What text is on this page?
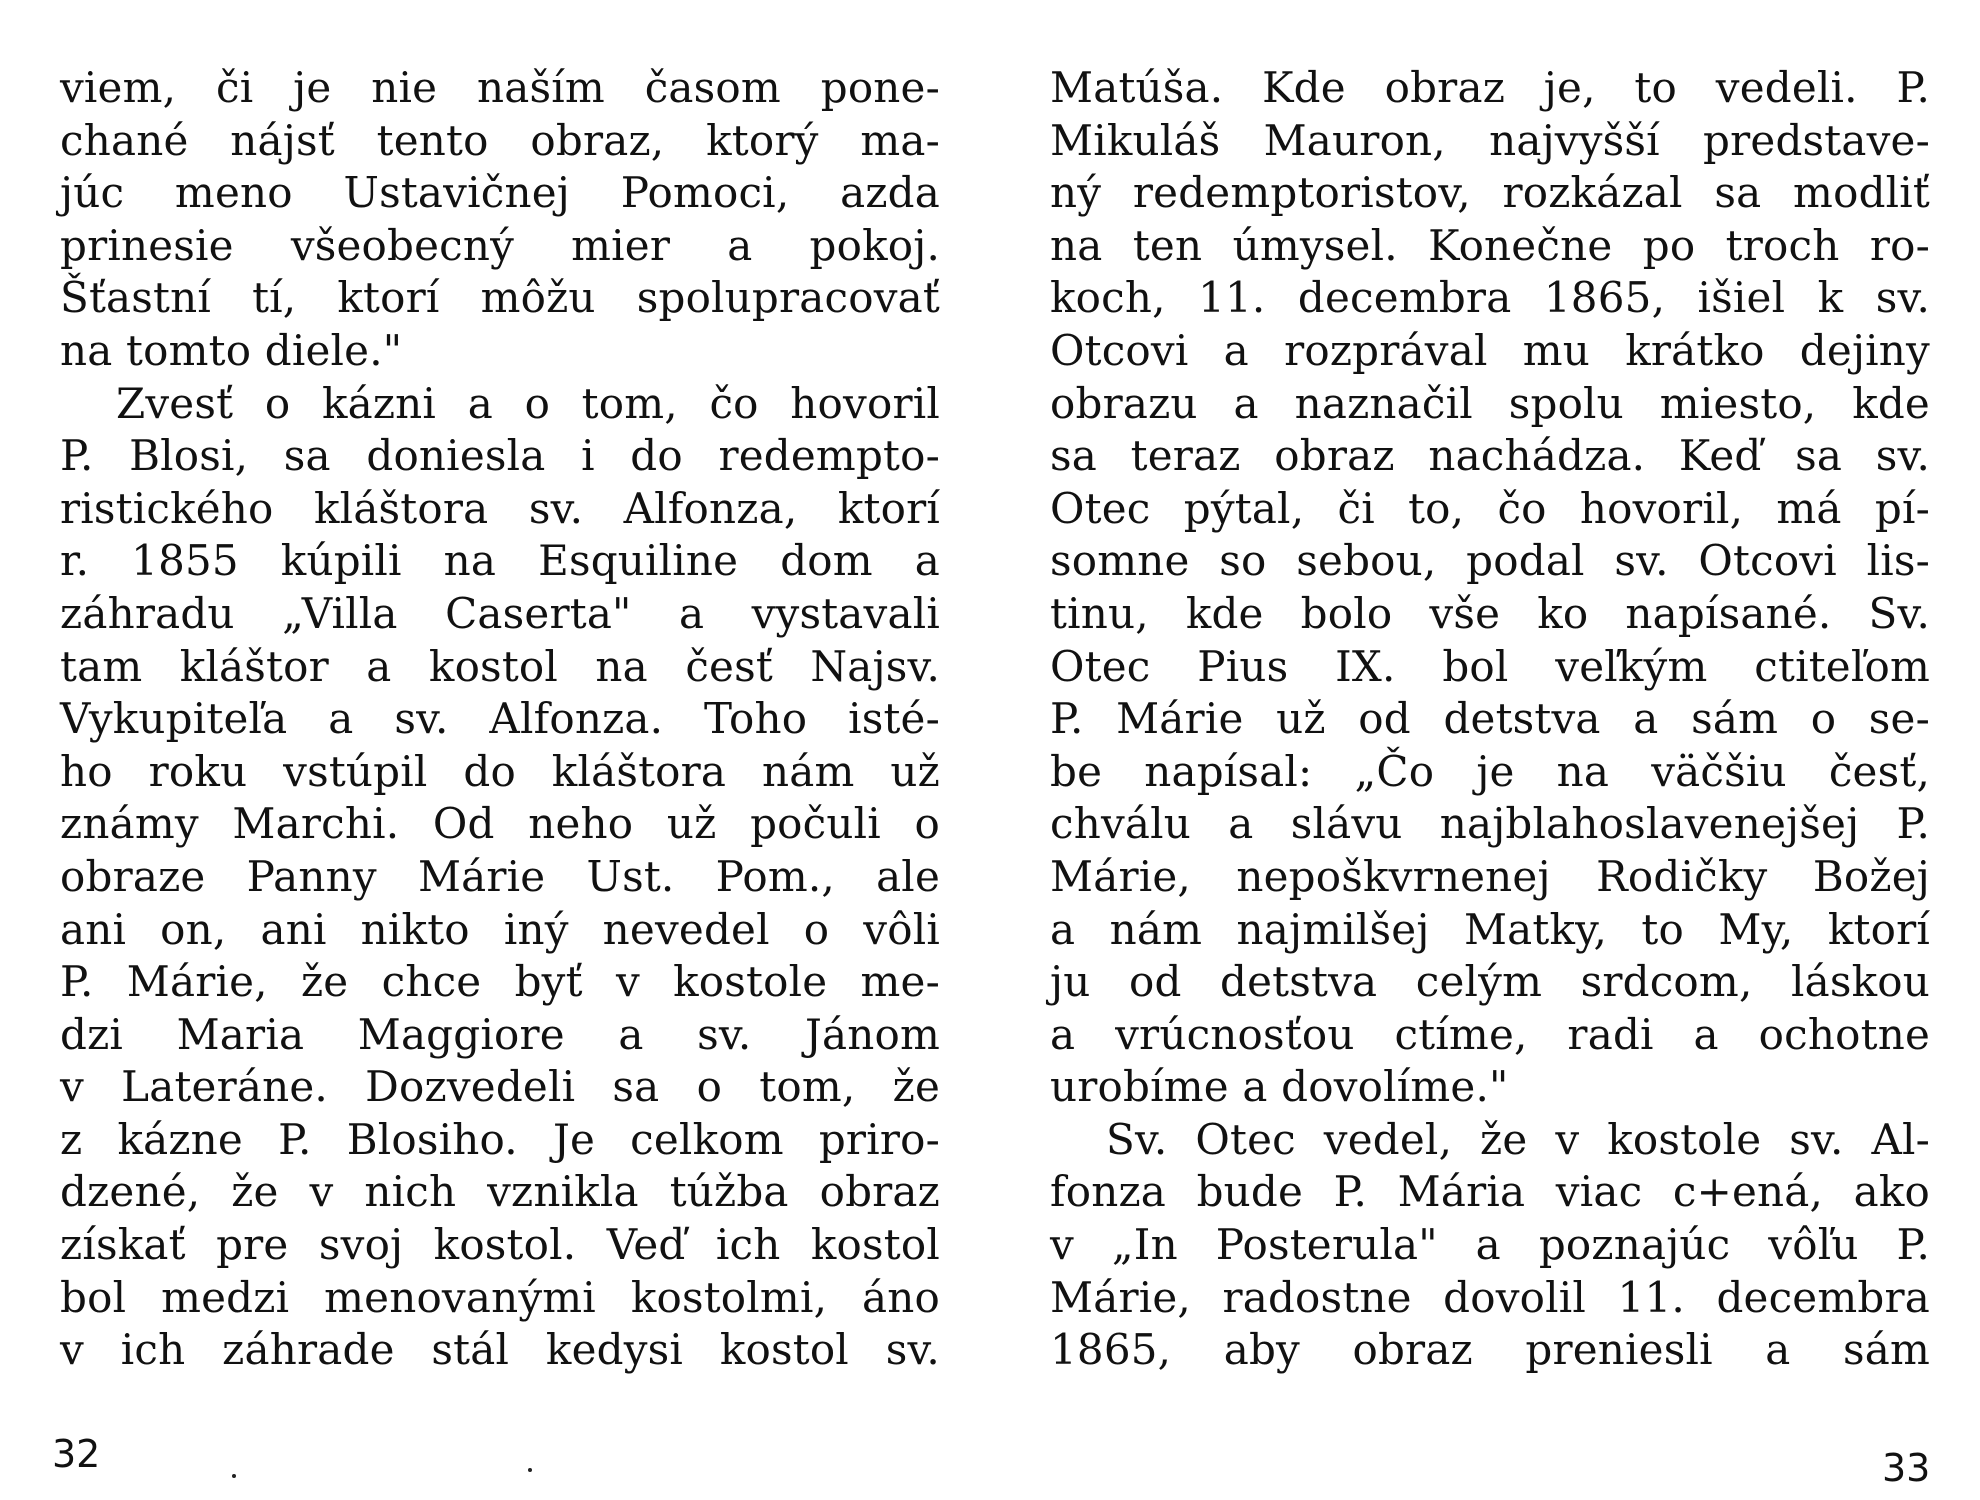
viem, či je nie naším časom pone-
chané nájsť tento obraz, ktorý ma-
júc meno Ustavičnej Pomoci, azda
prinesie všeobecný mier a pokoj.
Šťastní tí, ktorí môžu spolupracovať
na tomto diele."
Zvesť o kázni a o tom, čo hovoril
P. Blosi, sa doniesla i do redempto-
ristického kláštora sv. Alfonza, ktorí
r. 1855 kúpili na Esquiline dom a
záhradu „Villa Caserta" a vystavali
tam kláštor a kostol na česť Najsv.
Vykupiteľa a sv. Alfonza. Toho isté-
ho roku vstúpil do kláštora nám už
známy Marchi. Od neho už počuli o
obraze Panny Márie Ust. Pom., ale
ani on, ani nikto iný nevedel o vôli
P. Márie, že chce byť v kostole me-
dzi Maria Maggiore a sv. Jánom
v Lateráne. Dozvedeli sa o tom, že
z kázne P. Blosiho. Je celkom priro-
dzené, že v nich vznikla túžba obraz
získať pre svoj kostol. Veď ich kostol
bol medzi menovanými kostolmi, áno
v ich záhrade stál kedysi kostol sv.
32
Matúša. Kde obraz je, to vedeli. P.
Mikuláš Mauron, najvyšší predstave-
ný redemptoristov, rozkázal sa modliť
na ten úmysel. Konečne po troch ro-
koch, 11. decembra 1865, išiel k sv.
Otcovi a rozprával mu krátko dejiny
obrazu a naznačil spolu miesto, kde
sa teraz obraz nachádza. Keď sa sv.
Otec pýtal, či to, čo hovoril, má pí-
somne so sebou, podal sv. Otcovi lis-
tinu, kde bolo vše ko napísané. Sv.
Otec Pius IX. bol veľkým ctiteľom
P. Márie už od detstva a sám o se-
be napísal: „Čo je na väčšiu česť,
chválu a slávu najblahoslavenejšej P.
Márie, nepoškvrnenej Rodičky Božej
a nám najmilšej Matky, to My, ktorí
ju od detstva celým srdcom, láskou
a vrúcnosťou ctíme, radi a ochotne
urobíme a dovolíme."
Sv. Otec vedel, že v kostole sv. Al-
fonza bude P. Mária viac c+ená, ako
v „In Posterula" a poznajúc vôľu P.
Márie, radostne dovolil 11. decembra
1865, aby obraz preniesli a sám
33
